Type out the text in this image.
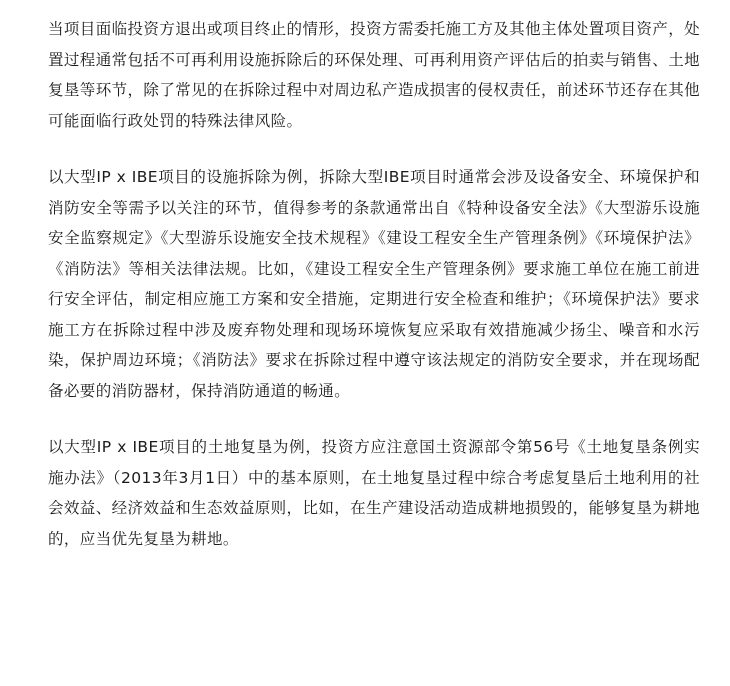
当项目面临投资方退出或项目终止的情形，投资方需委托施工方及其他主体处置项目资产，处置过程通常包括不可再利用设施拆除后的环保处理、可再利用资产评估后的拍卖与销售、土地复垦等环节，除了常见的在拆除过程中对周边私产造成损害的侵权责任，前述环节还存在其他可能面临行政处罚的特殊法律风险。

以大型IP x IBE项目的设施拆除为例，拆除大型IBE项目时通常会涉及设备安全、环境保护和消防安全等需予以关注的环节，值得参考的条款通常出自《特种设备安全法》《大型游乐设施安全监察规定》《大型游乐设施安全技术规程》《建设工程安全生产管理条例》《环境保护法》《消防法》等相关法律法规。比如，《建设工程安全生产管理条例》要求施工单位在施工前进行安全评估，制定相应施工方案和安全措施，定期进行安全检查和维护；《环境保护法》要求施工方在拆除过程中涉及废弃物处理和现场环境恢复应采取有效措施减少扬尘、噪音和水污染，保护周边环境；《消防法》要求在拆除过程中遵守该法规定的消防安全要求，并在现场配备必要的消防器材，保持消防通道的畅通。

以大型IP x IBE项目的土地复垦为例，投资方应注意国土资源部令第56号《土地复垦条例实施办法》（2013年3月1日）中的基本原则，在土地复垦过程中综合考虑复垦后土地利用的社会效益、经济效益和生态效益原则，比如，在生产建设活动造成耕地损毁的，能够复垦为耕地的，应当优先复垦为耕地。
